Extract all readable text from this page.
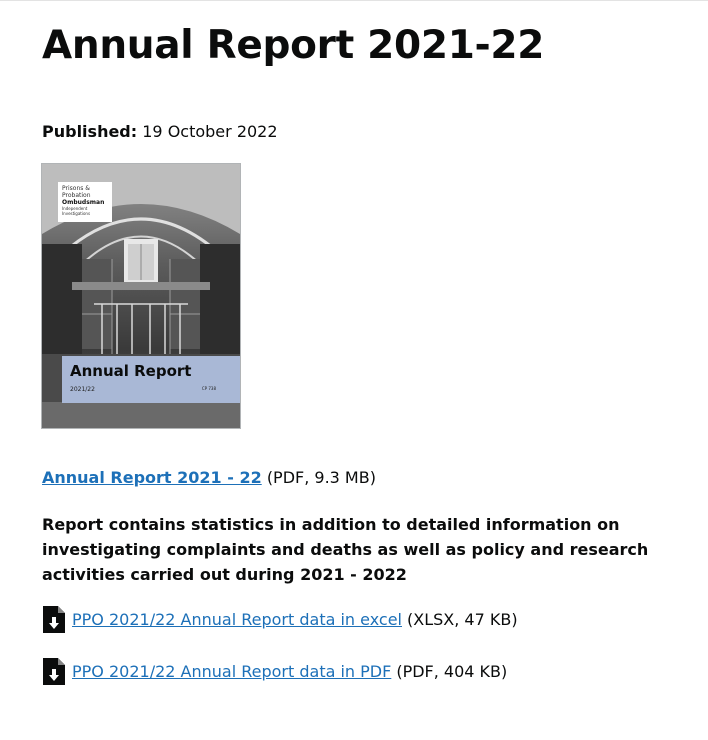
Annual Report 2021-22
Published: 19 October 2022
Prisons &
Probation
Ombudsman
Independent Investigations
Annual Report
2021/22	CP 738
Annual Report 2021 - 22 (PDF, 9.3 MB)

Report contains statistics in addition to detailed information on investigating complaints and deaths as well as policy and research activities carried out during 2021 - 2022

PPO 2021/22 Annual Report data in excel (XLSX, 47 KB)
PPO 2021/22 Annual Report data in PDF (PDF, 404 KB)
